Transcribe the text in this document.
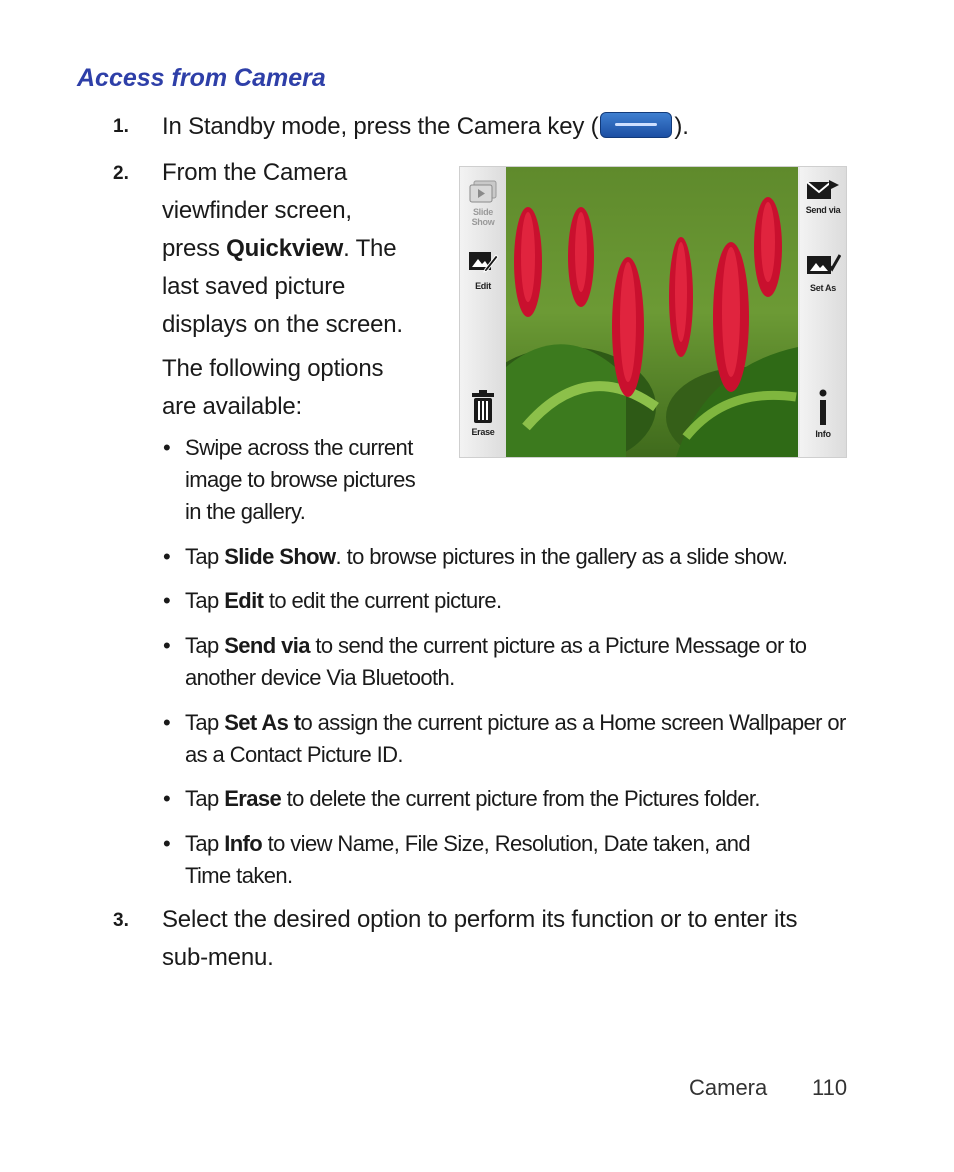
Access from Camera
1. In Standby mode, press the Camera key (	).
2. From the Camera
viewfinder screen,
press Quickview. The
last saved picture
displays on the screen.
The following options
are available:
Slide
Show
Edit
Erase
Send via
Set As
Info
• Swipe across the current
image to browse pictures
in the gallery.
• Tap Slide Show. to browse pictures in the gallery as a slide show.
• Tap Edit to edit the current picture.
• Tap Send via to send the current picture as a Picture Message or to
another device Via Bluetooth.
• Tap Set As to assign the current picture as a Home screen Wallpaper or
as a Contact Picture ID.
• Tap Erase to delete the current picture from the Pictures folder.
• Tap Info to view Name, File Size, Resolution, Date taken, and
Time taken.
3. Select the desired option to perform its function or to enter its
sub-menu.
Camera 110
